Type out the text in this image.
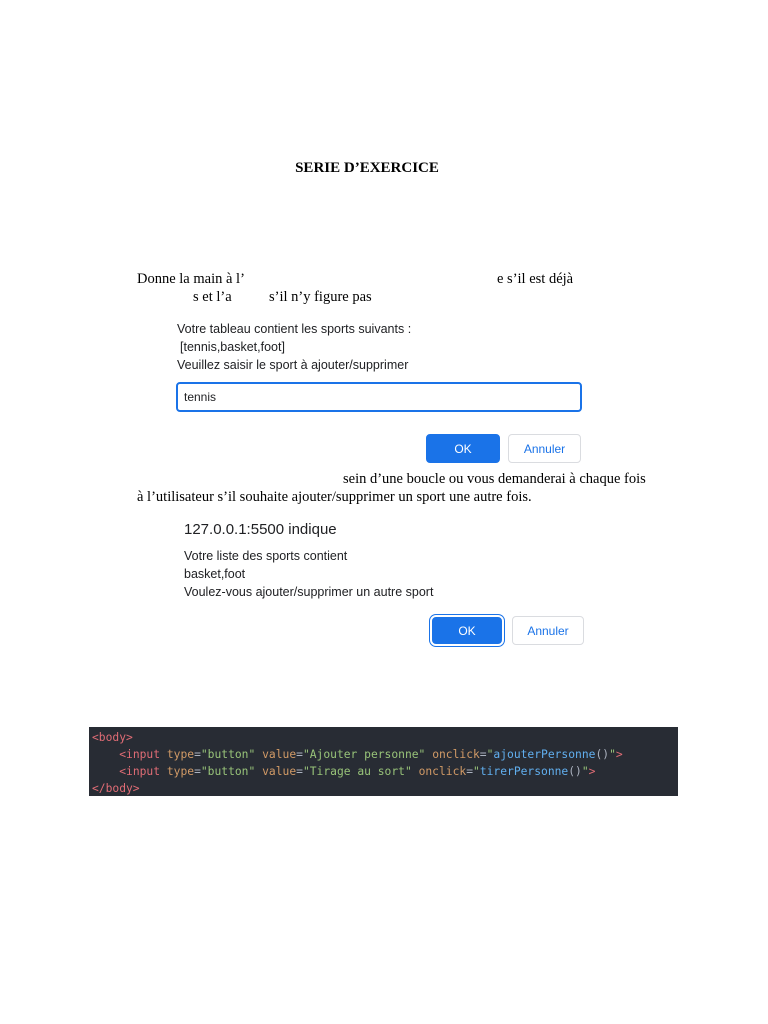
SERIE D’EXERCICE
Donne la main à l’	e s’il est déjà
s et l’a	s’il n’y figure pas
Votre tableau contient les sports suivants :
[tennis,basket,foot]
Veuillez saisir le sport à ajouter/supprimer
tennis
OK	Annuler
sein d’une boucle ou vous demanderai à chaque fois
à l’utilisateur s’il souhaite ajouter/supprimer un sport une autre fois.
127.0.0.1:5500 indique
Votre liste des sports contient
basket,foot
Voulez-vous ajouter/supprimer un autre sport
OK	Annuler
<body>
<input type="button" value="Ajouter personne" onclick="ajouterPersonne()">
<input type="button" value="Tirage au sort" onclick="tirerPersonne()">
</body>
